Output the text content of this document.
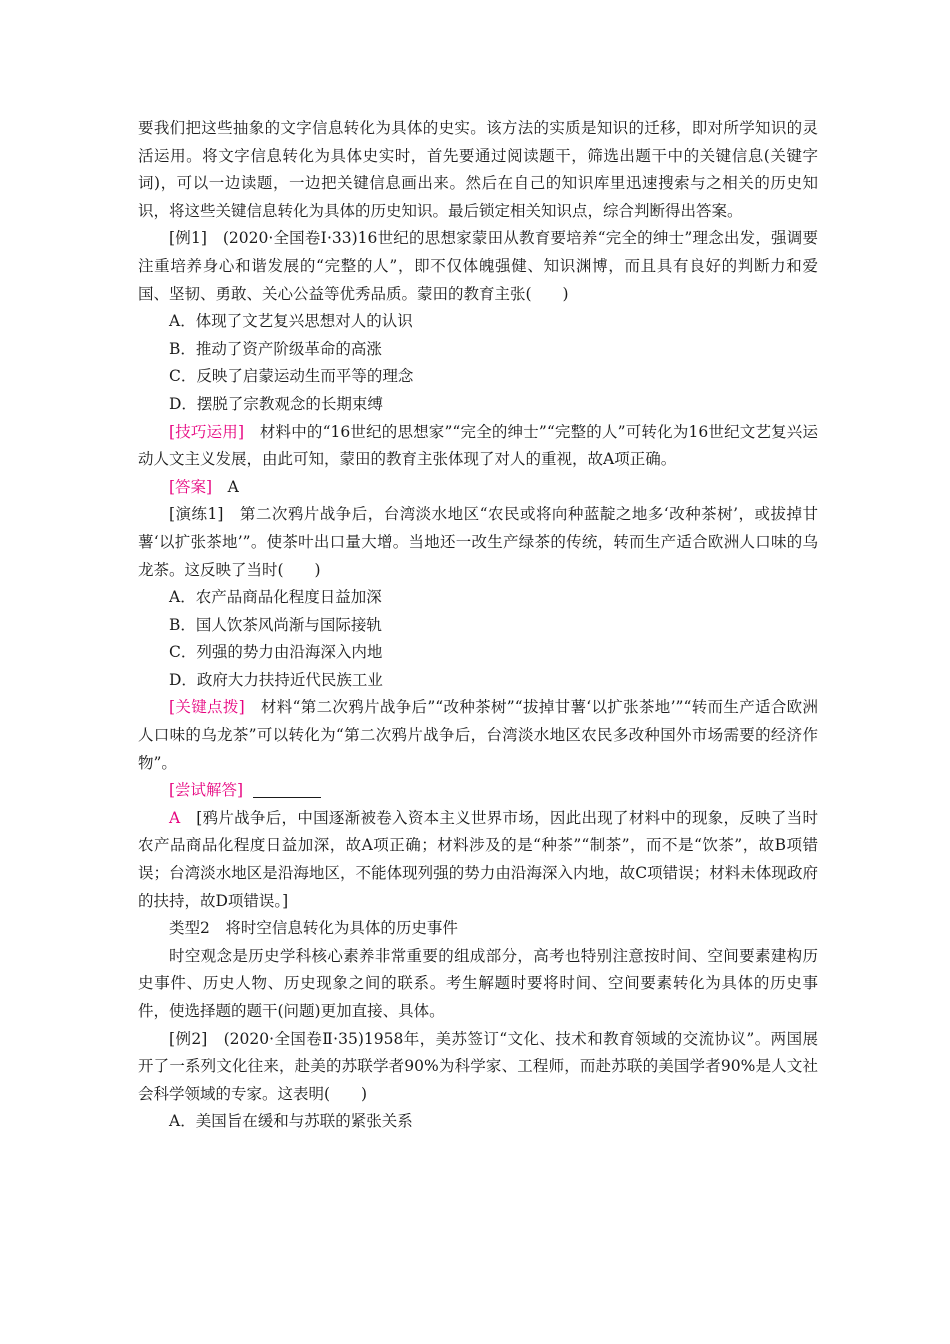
要我们把这些抽象的文字信息转化为具体的史实。该方法的实质是知识的迁移，即对所学知识的灵活运用。将文字信息转化为具体史实时，首先要通过阅读题干，筛选出题干中的关键信息(关键字词)，可以一边读题，一边把关键信息画出来。然后在自己的知识库里迅速搜索与之相关的历史知识，将这些关键信息转化为具体的历史知识。最后锁定相关知识点，综合判断得出答案。

[例1]　(2020·全国卷Ⅰ·33)16世纪的思想家蒙田从教育要培养“完全的绅士”理念出发，强调要注重培养身心和谐发展的“完整的人”，即不仅体魄强健、知识渊博，而且具有良好的判断力和爱国、坚韧、勇敢、关心公益等优秀品质。蒙田的教育主张(　　)

A．体现了文艺复兴思想对人的认识

B．推动了资产阶级革命的高涨

C．反映了启蒙运动生而平等的理念

D．摆脱了宗教观念的长期束缚

[技巧运用]　材料中的“16世纪的思想家”“完全的绅士”“完整的人”可转化为16世纪文艺复兴运动人文主义发展，由此可知，蒙田的教育主张体现了对人的重视，故A项正确。

[答案]　A

[演练1]　第二次鸦片战争后，台湾淡水地区“农民或将向种蓝靛之地多‘改种茶树’，或拔掉甘薯‘以扩张茶地’”。使茶叶出口量大增。当地还一改生产绿茶的传统，转而生产适合欧洲人口味的乌龙茶。这反映了当时(　　)

A．农产品商品化程度日益加深

B．国人饮茶风尚渐与国际接轨

C．列强的势力由沿海深入内地

D．政府大力扶持近代民族工业

[关键点拨]　材料“第二次鸦片战争后”“改种茶树”“拔掉甘薯‘以扩张茶地’”“转而生产适合欧洲人口味的乌龙茶”可以转化为“第二次鸦片战争后，台湾淡水地区农民多改种国外市场需要的经济作物”。

[尝试解答]

A　[鸦片战争后，中国逐渐被卷入资本主义世界市场，因此出现了材料中的现象，反映了当时农产品商品化程度日益加深，故A项正确；材料涉及的是“种茶”“制茶”，而不是“饮茶”，故B项错误；台湾淡水地区是沿海地区，不能体现列强的势力由沿海深入内地，故C项错误；材料未体现政府的扶持，故D项错误。]

类型2　将时空信息转化为具体的历史事件

时空观念是历史学科核心素养非常重要的组成部分，高考也特别注意按时间、空间要素建构历史事件、历史人物、历史现象之间的联系。考生解题时要将时间、空间要素转化为具体的历史事件，使选择题的题干(问题)更加直接、具体。

[例2]　(2020·全国卷Ⅱ·35)1958年，美苏签订“文化、技术和教育领域的交流协议”。两国展开了一系列文化往来，赴美的苏联学者90%为科学家、工程师，而赴苏联的美国学者90%是人文社会科学领域的专家。这表明(　　)

A．美国旨在缓和与苏联的紧张关系
